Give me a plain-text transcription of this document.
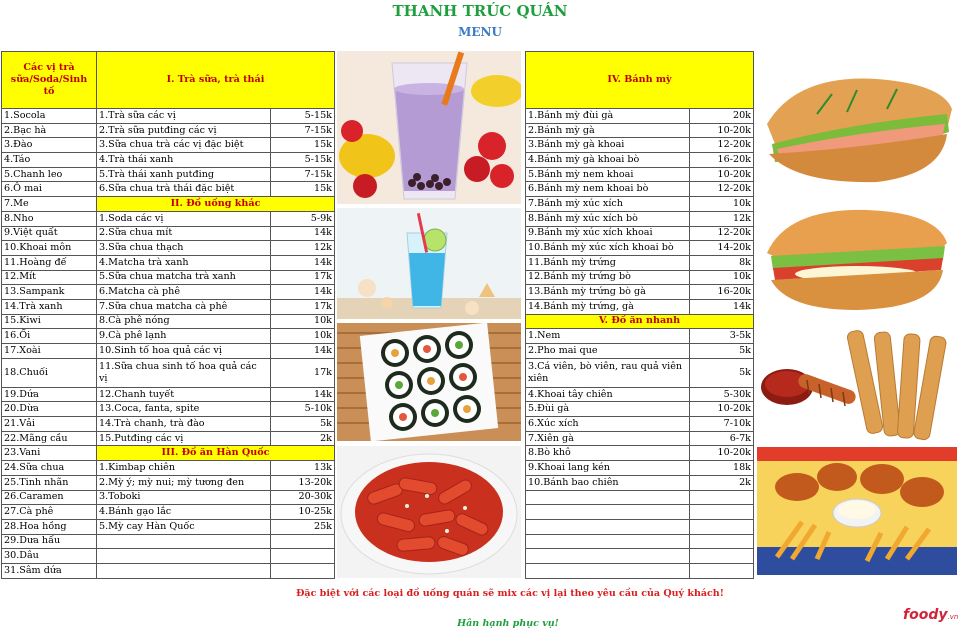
THANH TRÚC QUÁN
MENU
Các vị trà sữa/Soda/Sinh tố
1.Socola
2.Bạc hà
3.Đào
4.Táo
5.Chanh leo
6.Ô mai
7.Me
8.Nho
9.Việt quất
10.Khoai môn
11.Hoàng đế
12.Mít
13.Sampank
14.Trà xanh
15.Kiwi
16.Ổi
17.Xoài
18.Chuối
19.Dứa
20.Dừa
21.Vải
22.Mãng cầu
23.Vani
24.Sữa chua
25.Tinh nhãn
26.Caramen
27.Cà phê
28.Hoa hồng
29.Dưa hấu
30.Dâu
31.Sâm dứa
I. Trà sữa, trà thái	
1.Trà sữa các vị	5-15k
2.Trà sữa putđing các vị	7-15k
3.Sữa chua trà các vị đặc biệt	15k
4.Trà thái xanh	5-15k
5.Trà thái xanh putđing	7-15k
6.Sữa chua trà thái đặc biệt	15k
II. Đồ uống khác	
1.Soda các vị	5-9k
2.Sữa chua mít	14k
3.Sữa chua thạch	12k
4.Matcha trà xanh	14k
5.Sữa chua matcha trà xanh	17k
6.Matcha cà phê	14k
7.Sữa chua matcha cà phê	17k
8.Cà phê nóng	10k
9.Cà phê lạnh	10k
10.Sinh tố hoa quả các vị	14k
11.Sữa chua sinh tố hoa quả các vị	17k
12.Chanh tuyết	14k
13.Coca, fanta, spite	5-10k
14.Trà chanh, trà đào	5k
15.Putđing các vị	2k
III. Đồ ăn Hàn Quốc	
1.Kimbap chiên	13k
2.Mỳ ý; mỳ nui; mỳ tương đen	13-20k
3.Toboki	20-30k
4.Bánh gạo lắc	10-25k
5.Mỳ cay Hàn Quốc	25k

IV. Bánh mỳ	
1.Bánh mỳ đùi gà	20k
2.Bánh mỳ gà	10-20k
3.Bánh mỳ gà khoai	12-20k
4.Bánh mỳ gà khoai bò	16-20k
5.Bánh mỳ nem khoai	10-20k
6.Bánh mỳ nem khoai bò	12-20k
7.Bánh mỳ xúc xích	10k
8.Bánh mỳ xúc xích bò	12k
9.Bánh mỳ xúc xích khoai	12-20k
10.Bánh mỳ xúc xích khoai bò	14-20k
11.Bánh mỳ trứng	8k
12.Bánh mỳ trứng bò	10k
13.Bánh mỳ trứng bò gà	16-20k
14.Bánh mỳ trứng, gà	14k
V. Đồ ăn nhanh	
1.Nem	3-5k
2.Pho mai que	5k
3.Cá viên, bò viên, rau quả viên xiên	5k
4.Khoai tây chiên	5-30k
5.Đùi gà	10-20k
6.Xúc xích	7-10k
7.Xiên gà	6-7k
8.Bò khô	10-20k
9.Khoai lang kén	18k
10.Bánh bao chiên	2k

Đặc biệt với các loại đồ uống quán sẽ mix các vị lại theo yêu cầu của Quý khách!
Hân hạnh phục vụ!
foody.vn
